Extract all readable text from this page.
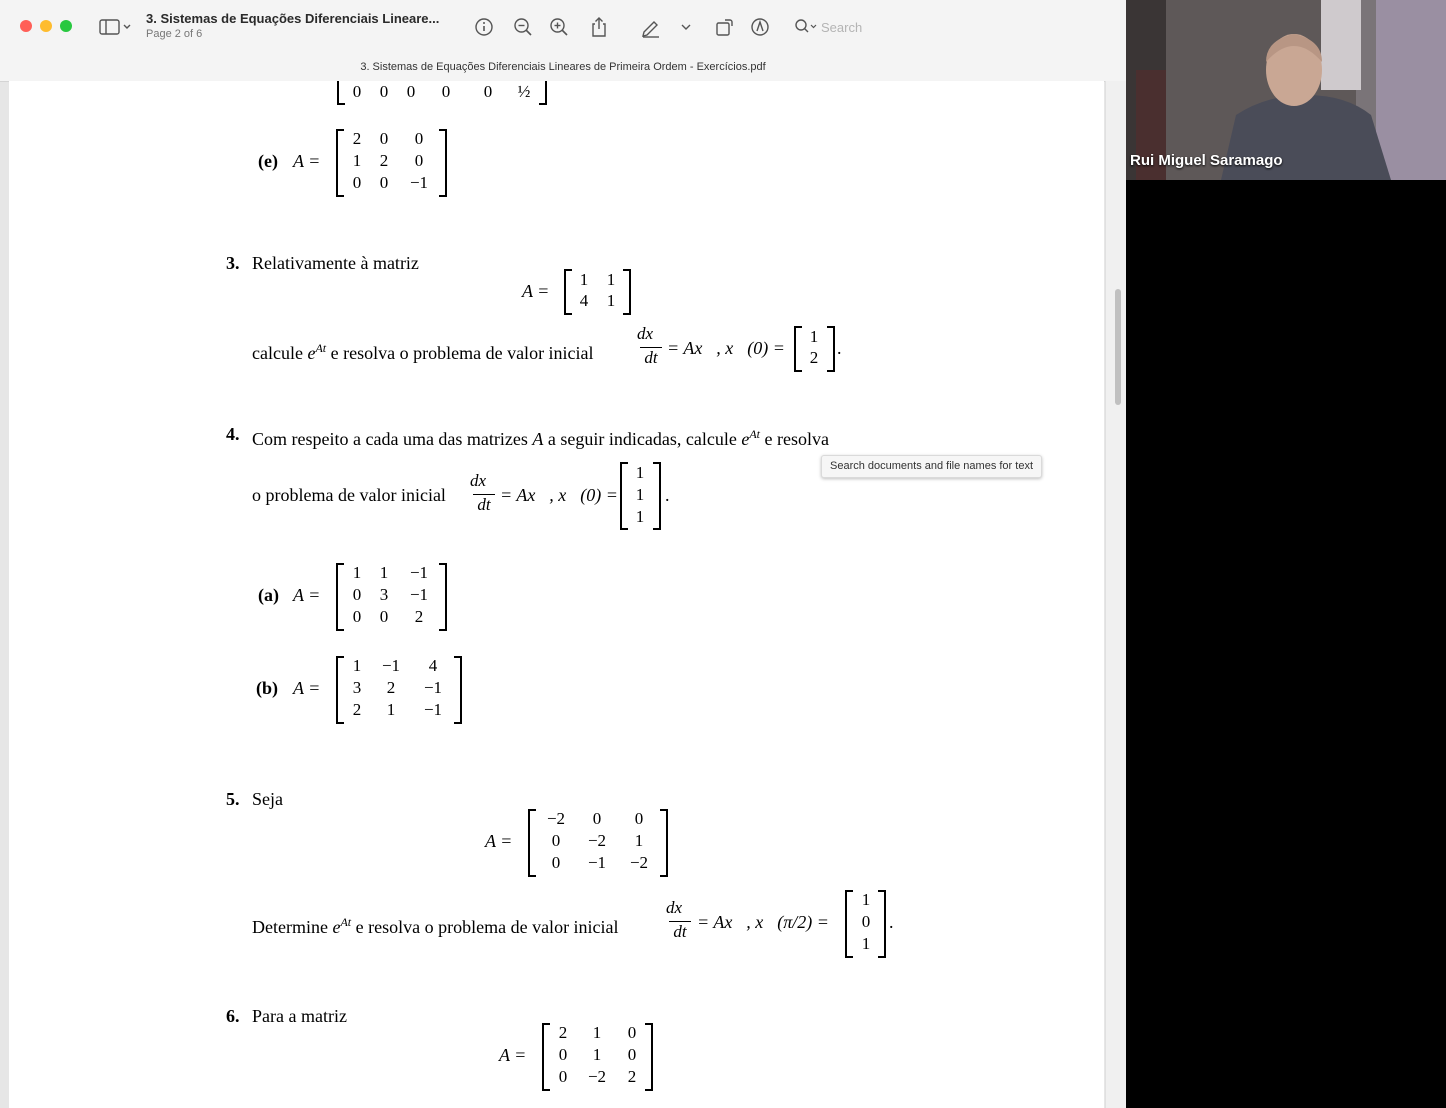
3. Sistemas de Equações Diferenciais Lineare...
Page 2 of 6	Search
3. Sistemas de Equações Diferenciais Lineares de Primeira Ordem - Exercícios.pdf
0	0	0	0	0	½
(e) A =
2	0	0
1	2	0
0	0	−1
3. Relativamente à matriz
A =
1	1
4	1
calcule $e^{At}$ e resolva o problema de valor inicial
dx⃗
dt = Ax⃗, x⃗(0) =
1
2	.
4. Com respeito a cada uma das matrizes A a seguir indicadas, calcule $e^{At}$ e resolva
o problema de valor inicial
dx⃗
dt = Ax⃗, x⃗(0) =
1
1
1
.
(a) A =
1	1	−1
0	3	−1
0	0	2
(b) A =
1	−1	4
3	2	−1
2	1	−1
5. Seja
A =
−2	0	0
0	−2	1
0	−1	−2
Determine $e^{At}$ e resolva o problema de valor inicial
dx⃗
dt = Ax⃗, x⃗(π/2) =
1
0
1
.
6. Para a matriz
A =
2	1	0
0	1	0
0	−2	2
Search documents and file names for text
Rui Miguel Saramago
